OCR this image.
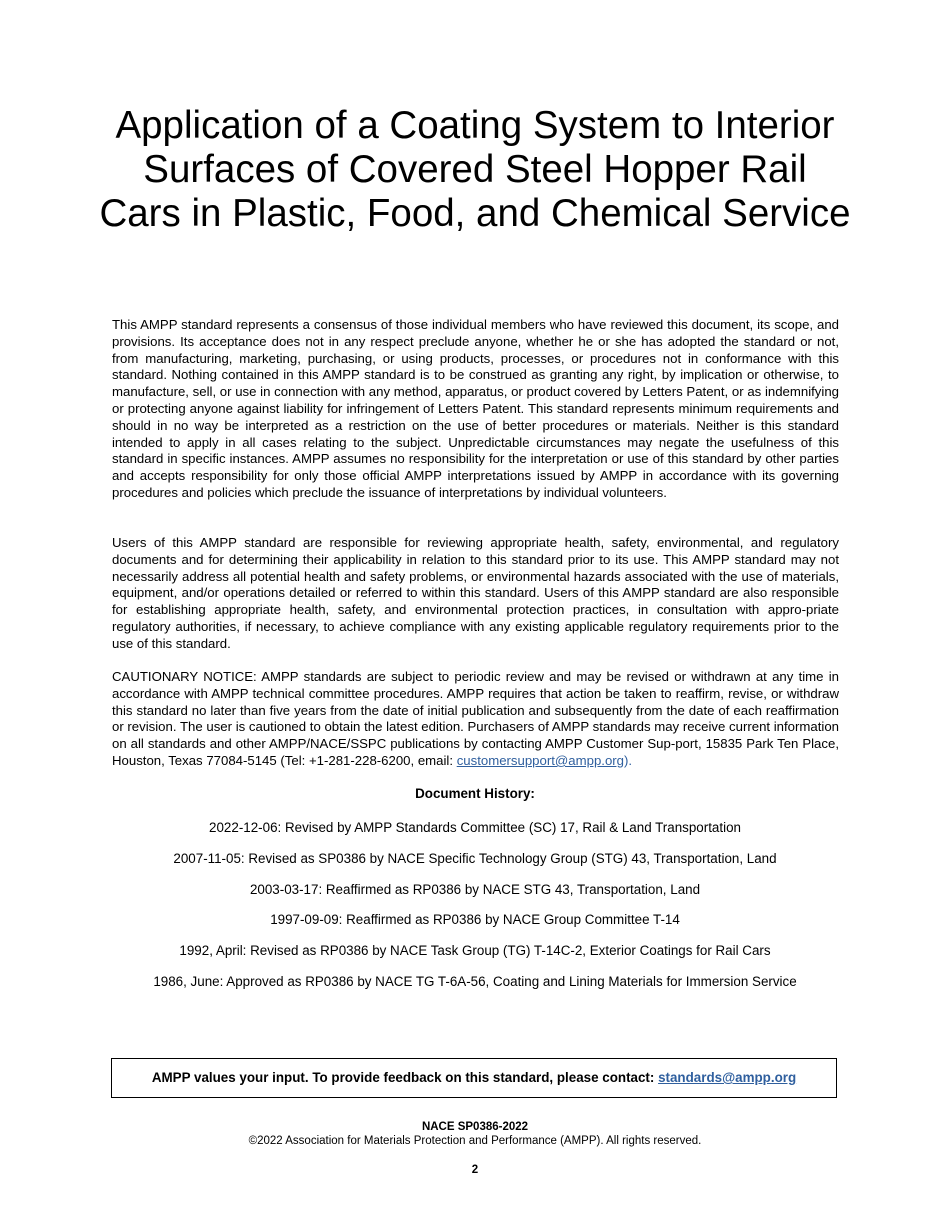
Application of a Coating System to Interior
Surfaces of Covered Steel Hopper Rail
Cars in Plastic, Food, and Chemical Service

This AMPP standard represents a consensus of those individual members who have reviewed this document, its scope, and provisions. Its acceptance does not in any respect preclude anyone, whether he or she has adopted the standard or not, from manufacturing, marketing, purchasing, or using products, processes, or procedures not in conformance with this standard. Nothing contained in this AMPP standard is to be construed as granting any right, by implication or otherwise, to manufacture, sell, or use in connection with any method, apparatus, or product covered by Letters Patent, or as indemnifying or protecting anyone against liability for infringement of Letters Patent. This standard represents minimum requirements and should in no way be interpreted as a restriction on the use of better procedures or materials. Neither is this standard intended to apply in all cases relating to the subject. Unpredictable circumstances may negate the usefulness of this standard in specific instances. AMPP assumes no responsibility for the interpretation or use of this standard by other parties and accepts responsibility for only those official AMPP interpretations issued by AMPP in accordance with its governing procedures and policies which preclude the issuance of interpretations by individual volunteers.

Users of this AMPP standard are responsible for reviewing appropriate health, safety, environmental, and regulatory documents and for determining their applicability in relation to this standard prior to its use. This AMPP standard may not necessarily address all potential health and safety problems, or environmental hazards associated with the use of materials, equipment, and/or operations detailed or referred to within this standard. Users of this AMPP standard are also responsible for establishing appropriate health, safety, and environmental protection practices, in consultation with appro-priate regulatory authorities, if necessary, to achieve compliance with any existing applicable regulatory requirements prior to the use of this standard.

CAUTIONARY NOTICE: AMPP standards are subject to periodic review and may be revised or withdrawn at any time in accordance with AMPP technical committee procedures. AMPP requires that action be taken to reaffirm, revise, or withdraw this standard no later than five years from the date of initial publication and subsequently from the date of each reaffirmation or revision. The user is cautioned to obtain the latest edition. Purchasers of AMPP standards may receive current information on all standards and other AMPP/NACE/SSPC publications by contacting AMPP Customer Sup-port, 15835 Park Ten Place, Houston, Texas 77084-5145 (Tel: +1-281-228-6200, email: customersupport@ampp.org).

Document History:
2022-12-06: Revised by AMPP Standards Committee (SC) 17, Rail & Land Transportation
2007-11-05: Revised as SP0386 by NACE Specific Technology Group (STG) 43, Transportation, Land
2003-03-17: Reaffirmed as RP0386 by NACE STG 43, Transportation, Land
1997-09-09: Reaffirmed as RP0386 by NACE Group Committee T-14
1992, April: Revised as RP0386 by NACE Task Group (TG) T-14C-2, Exterior Coatings for Rail Cars
1986, June: Approved as RP0386 by NACE TG T-6A-56, Coating and Lining Materials for Immersion Service
AMPP values your input. To provide feedback on this standard, please contact: standards@ampp.org
NACE SP0386-2022
©2022 Association for Materials Protection and Performance (AMPP). All rights reserved.
2
